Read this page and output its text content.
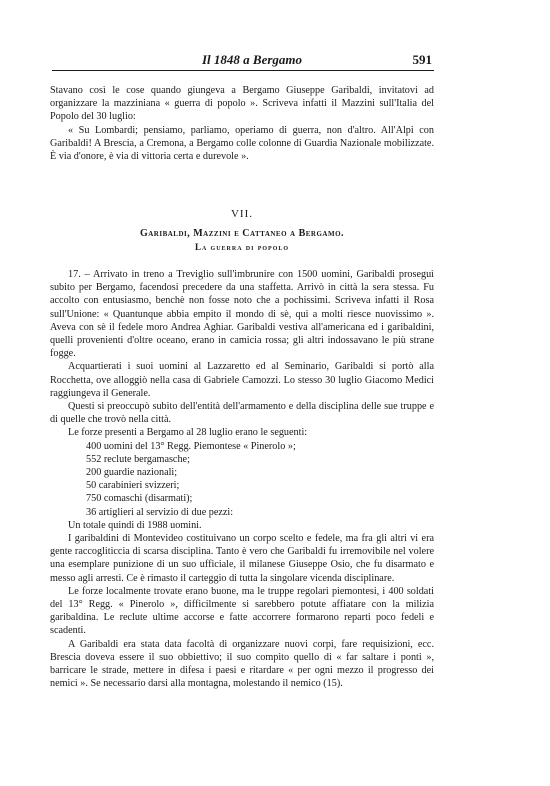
Il 1848 a Bergamo	591

Stavano così le cose quando giungeva a Bergamo Giuseppe Garibaldi, invitatovi ad organizzare la mazziniana « guerra di popolo ». Scriveva infatti il Mazzini sull'Italia del Popolo del 30 luglio:

« Su Lombardi; pensiamo, parliamo, operiamo di guerra, non d'altro. All'Alpi con Garibaldi! A Brescia, a Cremona, a Bergamo colle colonne di Guardia Nazionale mobilizzate. È via d'onore, è via di vittoria certa e durevole ».

VII.
Garibaldi, Mazzini e Cattaneo a Bergamo.
La guerra di popolo

17. – Arrivato in treno a Treviglio sull'imbrunire con 1500 uomini, Garibaldi proseguì subito per Bergamo, facendosi precedere da una staffetta. Arrivò in città la sera stessa. Fu accolto con entusiasmo, benchè non fosse noto che a pochissimi. Scriveva infatti il Rosa sull'Unione: « Quantunque abbia empito il mondo di sè, qui a molti riesce nuovissimo ». Aveva con sè il fedele moro Andrea Aghiar. Garibaldi vestiva all'americana ed i garibaldini, quelli provenienti d'oltre oceano, erano in camicia rossa; gli altri indossavano le più strane fogge.

Acquartierati i suoi uomini al Lazzaretto ed al Seminario, Garibaldi si portò alla Rocchetta, ove alloggiò nella casa di Gabriele Camozzi. Lo stesso 30 luglio Giacomo Medici raggiungeva il Generale.

Questi si preoccupò subito dell'entità dell'armamento e della disciplina delle sue truppe e di quelle che trovò nella città.

Le forze presenti a Bergamo al 28 luglio erano le seguenti:

400 uomini del 13° Regg. Piemontese « Pinerolo »;
552 reclute bergamasche;
200 guardie nazionali;
50 carabinieri svizzeri;
750 comaschi (disarmati);
36 artiglieri al servizio di due pezzi:

Un totale quindi di 1988 uomini.

I garibaldini di Montevideo costituivano un corpo scelto e fedele, ma fra gli altri vi era gente raccogliticcia di scarsa disciplina. Tanto è vero che Garibaldi fu irremovibile nel volere una esemplare punizione di un suo ufficiale, il milanese Giuseppe Osio, che fu disarmato e messo agli arresti. Ce è rimasto il carteggio di tutta la singolare vicenda disciplinare.

Le forze localmente trovate erano buone, ma le truppe regolari piemontesi, i 400 soldati del 13° Regg. « Pinerolo », difficilmente si sarebbero potute affiatare con la milizia garibaldina. Le reclute ultime accorse e fatte accorrere formarono reparti poco fedeli e scadenti.

A Garibaldi era stata data facoltà di organizzare nuovi corpi, fare requisizioni, ecc. Brescia doveva essere il suo obbiettivo; il suo compito quello di « far saltare i ponti », barricare le strade, mettere in difesa i paesi e ritardare « per ogni mezzo il progresso dei nemici ». Se necessario darsi alla montagna, molestando il nemico (15).
